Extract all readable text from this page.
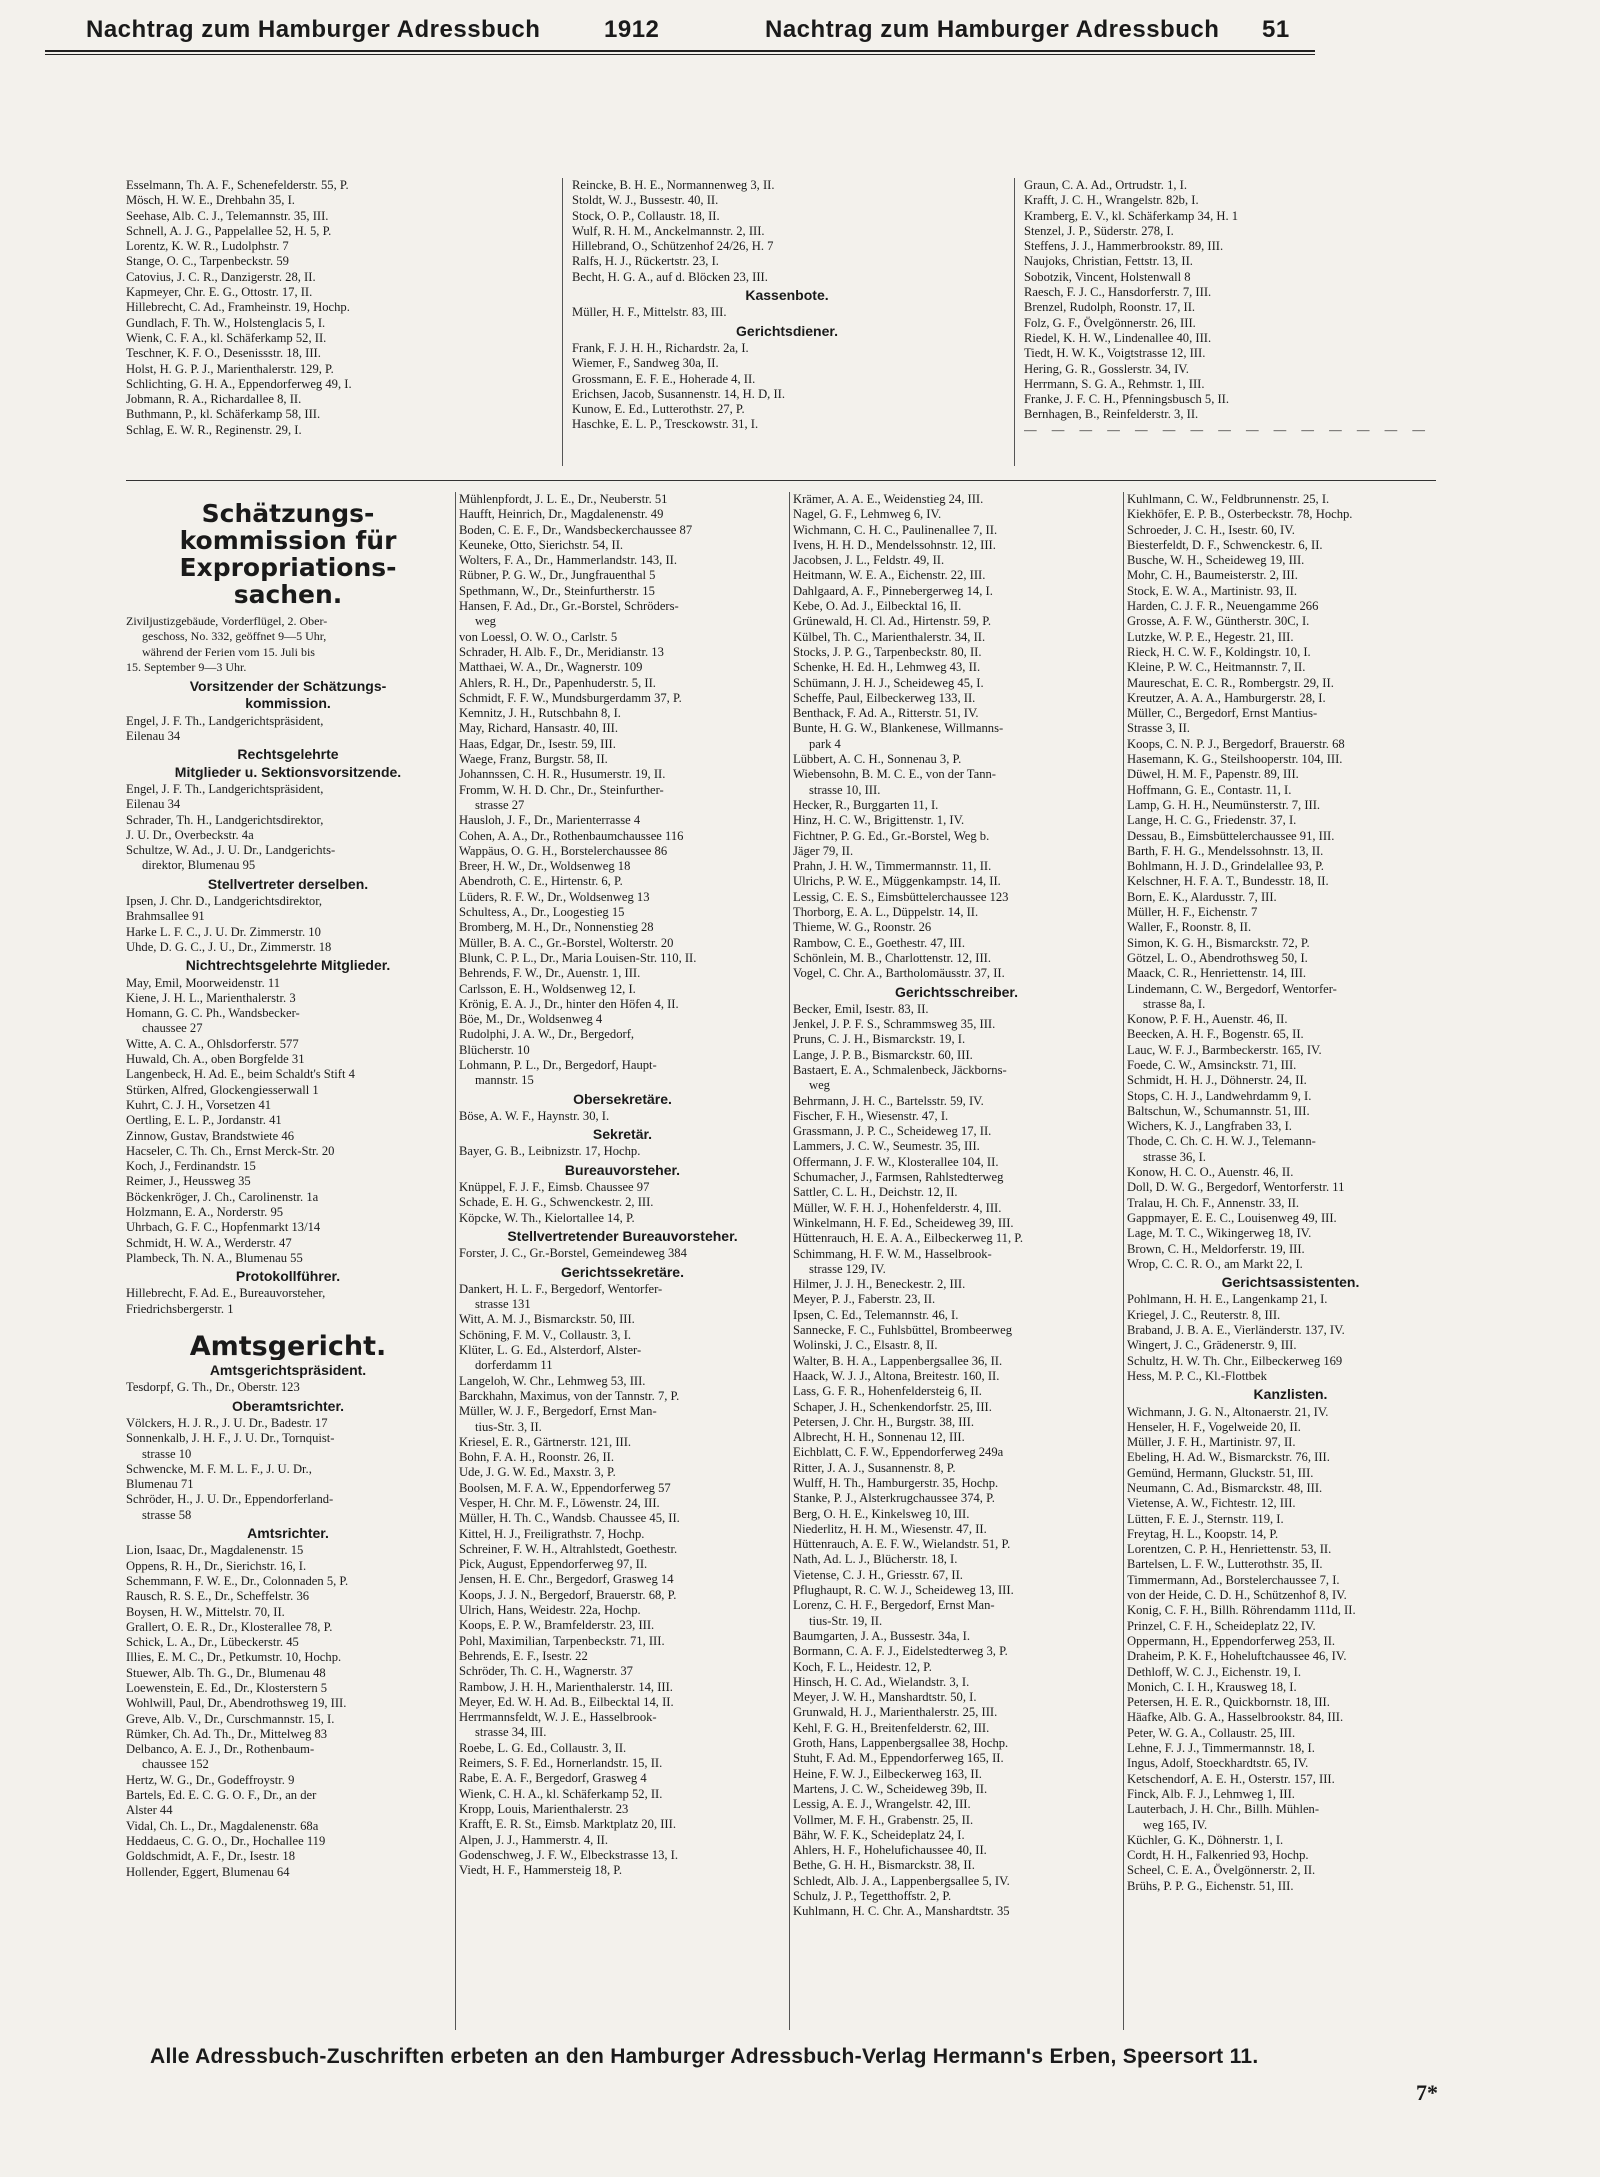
Nachtrag zum Hamburger Adressbuch	1912	Nachtrag zum Hamburger Adressbuch 51
Esselmann, Th. A. F., Schenefelderstr. 55, P.
Mösch, H. W. E., Drehbahn 35, I.
Seehase, Alb. C. J., Telemannstr. 35, III.
Schnell, A. J. G., Pappelallee 52, H. 5, P.
Lorentz, K. W. R., Ludolphstr. 7
Stange, O. C., Tarpenbeckstr. 59
Catovius, J. C. R., Danzigerstr. 28, II.
Kapmeyer, Chr. E. G., Ottostr. 17, II.
Hillebrecht, C. Ad., Framheinstr. 19, Hochp.
Gundlach, F. Th. W., Holstenglacis 5, I.
Wienk, C. F. A., kl. Schäferkamp 52, II.
Teschner, K. F. O., Desenissstr. 18, III.
Holst, H. G. P. J., Marienthalerstr. 129, P.
Schlichting, G. H. A., Eppendorferweg 49, I.
Jobmann, R. A., Richardallee 8, II.
Buthmann, P., kl. Schäferkamp 58, III.
Schlag, E. W. R., Reginenstr. 29, I.
Reincke, B. H. E., Normannenweg 3, II.
Stoldt, W. J., Bussestr. 40, II.
Stock, O. P., Collaustr. 18, II.
Wulf, R. H. M., Anckelmannstr. 2, III.
Hillebrand, O., Schützenhof 24/26, H. 7
Ralfs, H. J., Rückertstr. 23, I.
Becht, H. G. A., auf d. Blöcken 23, III.
Kassenbote.
Müller, H. F., Mittelstr. 83, III.
Gerichtsdiener.
Frank, F. J. H. H., Richardstr. 2a, I.
Wiemer, F., Sandweg 30a, II.
Grossmann, E. F. E., Hoherade 4, II.
Erichsen, Jacob, Susannenstr. 14, H. D, II.
Kunow, E. Ed., Lutterothstr. 27, P.
Haschke, E. L. P., Tresckowstr. 31, I.
Graun, C. A. Ad., Ortrudstr. 1, I.
Krafft, J. C. H., Wrangelstr. 82b, I.
Kramberg, E. V., kl. Schäferkamp 34, H. 1
Stenzel, J. P., Süderstr. 278, I.
Steffens, J. J., Hammerbrookstr. 89, III.
Naujoks, Christian, Fettstr. 13, II.
Sobotzik, Vincent, Holstenwall 8
Raesch, F. J. C., Hansdorferstr. 7, III.
Brenzel, Rudolph, Roonstr. 17, II.
Folz, G. F., Övelgönnerstr. 26, III.
Riedel, K. H. W., Lindenallee 40, III.
Tiedt, H. W. K., Voigtstrasse 12, III.
Hering, G. R., Gosslerstr. 34, IV.
Herrmann, S. G. A., Rehmstr. 1, III.
Franke, J. F. C. H., Pfenningsbusch 5, II.
Bernhagen, B., Reinfelderstr. 3, II.
— — — — — — — — — — — — — — —
Schätzungs-
kommission für
Expropriations-
sachen.
Ziviljustizgebäude, Vorderflügel, 2. Ober-
geschoss, No. 332, geöffnet 9—5 Uhr,
während der Ferien vom 15. Juli bis
15. September 9—3 Uhr.
Vorsitzender der Schätzungs-
kommission.
Engel, J. F. Th., Landgerichtspräsident,
Eilenau 34
Rechtsgelehrte
Mitglieder u. Sektionsvorsitzende.
Engel, J. F. Th., Landgerichtspräsident,
Eilenau 34
Schrader, Th. H., Landgerichtsdirektor,
J. U. Dr., Overbeckstr. 4a
Schultze, W. Ad., J. U. Dr., Landgerichts-
direktor, Blumenau 95
Stellvertreter derselben.
Ipsen, J. Chr. D., Landgerichtsdirektor,
Brahmsallee 91
Harke L. F. C., J. U. Dr. Zimmerstr. 10
Uhde, D. G. C., J. U., Dr., Zimmerstr. 18
Nichtrechtsgelehrte Mitglieder.
May, Emil, Moorweidenstr. 11
Kiene, J. H. L., Marienthalerstr. 3
Homann, G. C. Ph., Wandsbecker-
chaussee 27
Witte, A. C. A., Ohlsdorferstr. 577
Huwald, Ch. A., oben Borgfelde 31
Langenbeck, H. Ad. E., beim Schaldt's Stift 4
Stürken, Alfred, Glockengiesserwall 1
Kuhrt, C. J. H., Vorsetzen 41
Oertling, E. L. P., Jordanstr. 41
Zinnow, Gustav, Brandstwiete 46
Hacseler, C. Th. Ch., Ernst Merck-Str. 20
Koch, J., Ferdinandstr. 15
Reimer, J., Heussweg 35
Böckenkröger, J. Ch., Carolinenstr. 1a
Holzmann, E. A., Norderstr. 95
Uhrbach, G. F. C., Hopfenmarkt 13/14
Schmidt, H. W. A., Werderstr. 47
Plambeck, Th. N. A., Blumenau 55
Protokollführer.
Hillebrecht, F. Ad. E., Bureauvorsteher,
Friedrichsbergerstr. 1
Amtsgericht.
Amtsgerichtspräsident.
Tesdorpf, G. Th., Dr., Oberstr. 123
Oberamtsrichter.
Völckers, H. J. R., J. U. Dr., Badestr. 17
Sonnenkalb, J. H. F., J. U. Dr., Tornquist-
strasse 10
Schwencke, M. F. M. L. F., J. U. Dr.,
Blumenau 71
Schröder, H., J. U. Dr., Eppendorferland-
strasse 58
Amtsrichter.
Lion, Isaac, Dr., Magdalenenstr. 15
Oppens, R. H., Dr., Sierichstr. 16, I.
Schemmann, F. W. E., Dr., Colonnaden 5, P.
Rausch, R. S. E., Dr., Scheffelstr. 36
Boysen, H. W., Mittelstr. 70, II.
Grallert, O. E. R., Dr., Klosterallee 78, P.
Schick, L. A., Dr., Lübeckerstr. 45
Illies, E. M. C., Dr., Petkumstr. 10, Hochp.
Stuewer, Alb. Th. G., Dr., Blumenau 48
Loewenstein, E. Ed., Dr., Klosterstern 5
Wohlwill, Paul, Dr., Abendrothsweg 19, III.
Greve, Alb. V., Dr., Curschmannstr. 15, I.
Rümker, Ch. Ad. Th., Dr., Mittelweg 83
Delbanco, A. E. J., Dr., Rothenbaum-
chaussee 152
Hertz, W. G., Dr., Godeffroystr. 9
Bartels, Ed. E. C. G. O. F., Dr., an der
Alster 44
Vidal, Ch. L., Dr., Magdalenenstr. 68a
Heddaeus, C. G. O., Dr., Hochallee 119
Goldschmidt, A. F., Dr., Isestr. 18
Hollender, Eggert, Blumenau 64
Mühlenpfordt, J. L. E., Dr., Neuberstr. 51
Haufft, Heinrich, Dr., Magdalenenstr. 49
Boden, C. E. F., Dr., Wandsbeckerchaussee 87
Keuneke, Otto, Sierichstr. 54, II.
Wolters, F. A., Dr., Hammerlandstr. 143, II.
Rübner, P. G. W., Dr., Jungfrauenthal 5
Spethmann, W., Dr., Steinfurtherstr. 15
Hansen, F. Ad., Dr., Gr.-Borstel, Schröders-
weg
von Loessl, O. W. O., Carlstr. 5
Schrader, H. Alb. F., Dr., Meridianstr. 13
Matthaei, W. A., Dr., Wagnerstr. 109
Ahlers, R. H., Dr., Papenhuderstr. 5, II.
Schmidt, F. F. W., Mundsburgerdamm 37, P.
Kemnitz, J. H., Rutschbahn 8, I.
May, Richard, Hansastr. 40, III.
Haas, Edgar, Dr., Isestr. 59, III.
Waege, Franz, Burgstr. 58, II.
Johannssen, C. H. R., Husumerstr. 19, II.
Fromm, W. H. D. Chr., Dr., Steinfurther-
strasse 27
Hausloh, J. F., Dr., Marienterrasse 4
Cohen, A. A., Dr., Rothenbaumchaussee 116
Wappäus, O. G. H., Borstelerchaussee 86
Breer, H. W., Dr., Woldsenweg 18
Abendroth, C. E., Hirtenstr. 6, P.
Lüders, R. F. W., Dr., Woldsenweg 13
Schultess, A., Dr., Loogestieg 15
Bromberg, M. H., Dr., Nonnenstieg 28
Müller, B. A. C., Gr.-Borstel, Wolterstr. 20
Blunk, C. P. L., Dr., Maria Louisen-Str. 110, II.
Behrends, F. W., Dr., Auenstr. 1, III.
Carlsson, E. H., Woldsenweg 12, I.
Krönig, E. A. J., Dr., hinter den Höfen 4, II.
Böe, M., Dr., Woldsenweg 4
Rudolphi, J. A. W., Dr., Bergedorf,
Blücherstr. 10
Lohmann, P. L., Dr., Bergedorf, Haupt-
mannstr. 15
Obersekretäre.
Böse, A. W. F., Haynstr. 30, I.
Sekretär.
Bayer, G. B., Leibnizstr. 17, Hochp.
Bureauvorsteher.
Knüppel, F. J. F., Eimsb. Chaussee 97
Schade, E. H. G., Schwenckestr. 2, III.
Köpcke, W. Th., Kielortallee 14, P.
Stellvertretender Bureauvorsteher.
Forster, J. C., Gr.-Borstel, Gemeindeweg 384
Gerichtssekretäre.
Dankert, H. L. F., Bergedorf, Wentorfer-
strasse 131
Witt, A. M. J., Bismarckstr. 50, III.
Schöning, F. M. V., Collaustr. 3, I.
Klüter, L. G. Ed., Alsterdorf, Alster-
dorferdamm 11
Langeloh, W. Chr., Lehmweg 53, III.
Barckhahn, Maximus, von der Tannstr. 7, P.
Müller, W. J. F., Bergedorf, Ernst Man-
tius-Str. 3, II.
Kriesel, E. R., Gärtnerstr. 121, III.
Bohn, F. A. H., Roonstr. 26, II.
Ude, J. G. W. Ed., Maxstr. 3, P.
Boolsen, M. F. A. W., Eppendorferweg 57
Vesper, H. Chr. M. F., Löwenstr. 24, III.
Müller, H. Th. C., Wandsb. Chaussee 45, II.
Kittel, H. J., Freiligrathstr. 7, Hochp.
Schreiner, F. W. H., Altrahlstedt, Goethestr.
Pick, August, Eppendorferweg 97, II.
Jensen, H. E. Chr., Bergedorf, Grasweg 14
Koops, J. J. N., Bergedorf, Brauerstr. 68, P.
Ulrich, Hans, Weidestr. 22a, Hochp.
Koops, E. P. W., Bramfelderstr. 23, III.
Pohl, Maximilian, Tarpenbeckstr. 71, III.
Behrends, E. F., Isestr. 22
Schröder, Th. C. H., Wagnerstr. 37
Rambow, J. H. H., Marienthalerstr. 14, III.
Meyer, Ed. W. H. Ad. B., Eilbecktal 14, II.
Herrmannsfeldt, W. J. E., Hasselbrook-
strasse 34, III.
Roebe, L. G. Ed., Collaustr. 3, II.
Reimers, S. F. Ed., Hornerlandstr. 15, II.
Rabe, E. A. F., Bergedorf, Grasweg 4
Wienk, C. H. A., kl. Schäferkamp 52, II.
Kropp, Louis, Marienthalerstr. 23
Krafft, E. R. St., Eimsb. Marktplatz 20, III.
Alpen, J. J., Hammerstr. 4, II.
Godenschweg, J. F. W., Elbeckstrasse 13, I.
Viedt, H. F., Hammersteig 18, P.
Krämer, A. A. E., Weidenstieg 24, III.
Nagel, G. F., Lehmweg 6, IV.
Wichmann, C. H. C., Paulinenallee 7, II.
Ivens, H. H. D., Mendelssohnstr. 12, III.
Jacobsen, J. L., Feldstr. 49, II.
Heitmann, W. E. A., Eichenstr. 22, III.
Dahlgaard, A. F., Pinnebergerweg 14, I.
Kebe, O. Ad. J., Eilbecktal 16, II.
Grünewald, H. Cl. Ad., Hirtenstr. 59, P.
Külbel, Th. C., Marienthalerstr. 34, II.
Stocks, J. P. G., Tarpenbeckstr. 80, II.
Schenke, H. Ed. H., Lehmweg 43, II.
Schümann, J. H. J., Scheideweg 45, I.
Scheffe, Paul, Eilbeckerweg 133, II.
Benthack, F. Ad. A., Ritterstr. 51, IV.
Bunte, H. G. W., Blankenese, Willmanns-
park 4
Lübbert, A. C. H., Sonnenau 3, P.
Wiebensohn, B. M. C. E., von der Tann-
strasse 10, III.
Hecker, R., Burggarten 11, I.
Hinz, H. C. W., Brigittenstr. 1, IV.
Fichtner, P. G. Ed., Gr.-Borstel, Weg b.
Jäger 79, II.
Prahn, J. H. W., Timmermannstr. 11, II.
Ulrichs, P. W. E., Müggenkampstr. 14, II.
Lessig, C. E. S., Eimsbüttelerchaussee 123
Thorborg, E. A. L., Düppelstr. 14, II.
Thieme, W. G., Roonstr. 26
Rambow, C. E., Goethestr. 47, III.
Schönlein, M. B., Charlottenstr. 12, III.
Vogel, C. Chr. A., Bartholomäusstr. 37, II.
Gerichtsschreiber.
Becker, Emil, Isestr. 83, II.
Jenkel, J. P. F. S., Schrammsweg 35, III.
Pruns, C. J. H., Bismarckstr. 19, I.
Lange, J. P. B., Bismarckstr. 60, III.
Bastaert, E. A., Schmalenbeck, Jäckborns-
weg
Behrmann, J. H. C., Bartelsstr. 59, IV.
Fischer, F. H., Wiesenstr. 47, I.
Grassmann, J. P. C., Scheideweg 17, II.
Lammers, J. C. W., Seumestr. 35, III.
Offermann, J. F. W., Klosterallee 104, II.
Schumacher, J., Farmsen, Rahlstedterweg
Sattler, C. L. H., Deichstr. 12, II.
Müller, W. F. H. J., Hohenfelderstr. 4, III.
Winkelmann, H. F. Ed., Scheideweg 39, III.
Hüttenrauch, H. E. A. A., Eilbeckerweg 11, P.
Schimmang, H. F. W. M., Hasselbrook-
strasse 129, IV.
Hilmer, J. J. H., Beneckestr. 2, III.
Meyer, P. J., Faberstr. 23, II.
Ipsen, C. Ed., Telemannstr. 46, I.
Sannecke, F. C., Fuhlsbüttel, Brombeerweg
Wolinski, J. C., Elsastr. 8, II.
Walter, B. H. A., Lappenbergsallee 36, II.
Haack, W. J. J., Altona, Breitestr. 160, II.
Lass, G. F. R., Hohenfeldersteig 6, II.
Schaper, J. H., Schenkendorfstr. 25, III.
Petersen, J. Chr. H., Burgstr. 38, III.
Albrecht, H. H., Sonnenau 12, III.
Eichblatt, C. F. W., Eppendorferweg 249a
Ritter, J. A. J., Susannenstr. 8, P.
Wulff, H. Th., Hamburgerstr. 35, Hochp.
Stanke, P. J., Alsterkrugchaussee 374, P.
Berg, O. H. E., Kinkelsweg 10, III.
Niederlitz, H. H. M., Wiesenstr. 47, II.
Hüttenrauch, A. E. F. W., Wielandstr. 51, P.
Nath, Ad. L. J., Blücherstr. 18, I.
Vietense, C. J. H., Griesstr. 67, II.
Pflughaupt, R. C. W. J., Scheideweg 13, III.
Lorenz, C. H. F., Bergedorf, Ernst Man-
tius-Str. 19, II.
Baumgarten, J. A., Bussestr. 34a, I.
Bormann, C. A. F. J., Eidelstedterweg 3, P.
Koch, F. L., Heidestr. 12, P.
Hinsch, H. C. Ad., Wielandstr. 3, I.
Meyer, J. W. H., Manshardtstr. 50, I.
Grunwald, H. J., Marienthalerstr. 25, III.
Kehl, F. G. H., Breitenfelderstr. 62, III.
Groth, Hans, Lappenbergsallee 38, Hochp.
Stuht, F. Ad. M., Eppendorferweg 165, II.
Heine, F. W. J., Eilbeckerweg 163, II.
Martens, J. C. W., Scheideweg 39b, II.
Lessig, A. E. J., Wrangelstr. 42, III.
Vollmer, M. F. H., Grabenstr. 25, II.
Bähr, W. F. K., Scheideplatz 24, I.
Ahlers, H. F., Hohelufichaussee 40, II.
Bethe, G. H. H., Bismarckstr. 38, II.
Schledt, Alb. J. A., Lappenbergsallee 5, IV.
Schulz, J. P., Tegetthoffstr. 2, P.
Kuhlmann, H. C. Chr. A., Manshardtstr. 35
Kuhlmann, C. W., Feldbrunnenstr. 25, I.
Kiekhöfer, E. P. B., Osterbeckstr. 78, Hochp.
Schroeder, J. C. H., Isestr. 60, IV.
Biesterfeldt, D. F., Schwenckestr. 6, II.
Busche, W. H., Scheideweg 19, III.
Mohr, C. H., Baumeisterstr. 2, III.
Stock, E. W. A., Martinistr. 93, II.
Harden, C. J. F. R., Neuengamme 266
Grosse, A. F. W., Güntherstr. 30C, I.
Lutzke, W. P. E., Hegestr. 21, III.
Rieck, H. C. W. F., Koldingstr. 10, I.
Kleine, P. W. C., Heitmannstr. 7, II.
Maureschat, E. C. R., Rombergstr. 29, II.
Kreutzer, A. A. A., Hamburgerstr. 28, I.
Müller, C., Bergedorf, Ernst Mantius-
Strasse 3, II.
Koops, C. N. P. J., Bergedorf, Brauerstr. 68
Hasemann, K. G., Steilshooperstr. 104, III.
Düwel, H. M. F., Papenstr. 89, III.
Hoffmann, G. E., Contastr. 11, I.
Lamp, G. H. H., Neumünsterstr. 7, III.
Lange, H. C. G., Friedenstr. 37, I.
Dessau, B., Eimsbüttelerchaussee 91, III.
Barth, F. H. G., Mendelssohnstr. 13, II.
Bohlmann, H. J. D., Grindelallee 93, P.
Kelschner, H. F. A. T., Bundesstr. 18, II.
Born, E. K., Alardusstr. 7, III.
Müller, H. F., Eichenstr. 7
Waller, F., Roonstr. 8, II.
Simon, K. G. H., Bismarckstr. 72, P.
Götzel, L. O., Abendrothsweg 50, I.
Maack, C. R., Henriettenstr. 14, III.
Lindemann, C. W., Bergedorf, Wentorfer-
strasse 8a, I.
Konow, P. F. H., Auenstr. 46, II.
Beecken, A. H. F., Bogenstr. 65, II.
Lauc, W. F. J., Barmbeckerstr. 165, IV.
Foede, C. W., Amsinckstr. 71, III.
Schmidt, H. H. J., Döhnerstr. 24, II.
Stops, C. H. J., Landwehrdamm 9, I.
Baltschun, W., Schumannstr. 51, III.
Wichers, K. J., Langfraben 33, I.
Thode, C. Ch. C. H. W. J., Telemann-
strasse 36, I.
Konow, H. C. O., Auenstr. 46, II.
Doll, D. W. G., Bergedorf, Wentorferstr. 11
Tralau, H. Ch. F., Annenstr. 33, II.
Gappmayer, E. E. C., Louisenweg 49, III.
Lage, M. T. C., Wikingerweg 18, IV.
Brown, C. H., Meldorferstr. 19, III.
Wrop, C. C. R. O., am Markt 22, I.
Gerichtsassistenten.
Pohlmann, H. H. E., Langenkamp 21, I.
Kriegel, J. C., Reuterstr. 8, III.
Braband, J. B. A. E., Vierländerstr. 137, IV.
Wingert, J. C., Grädenerstr. 9, III.
Schultz, H. W. Th. Chr., Eilbeckerweg 169
Hess, M. P. C., Kl.-Flottbek
Kanzlisten.
Wichmann, J. G. N., Altonaerstr. 21, IV.
Henseler, H. F., Vogelweide 20, II.
Müller, J. F. H., Martinistr. 97, II.
Ebeling, H. Ad. W., Bismarckstr. 76, III.
Gemünd, Hermann, Gluckstr. 51, III.
Neumann, C. Ad., Bismarckstr. 48, III.
Vietense, A. W., Fichtestr. 12, III.
Lütten, F. E. J., Sternstr. 119, I.
Freytag, H. L., Koopstr. 14, P.
Lorentzen, C. P. H., Henriettenstr. 53, II.
Bartelsen, L. F. W., Lutterothstr. 35, II.
Timmermann, Ad., Borstelerchaussee 7, I.
von der Heide, C. D. H., Schützenhof 8, IV.
Konig, C. F. H., Billh. Röhrendamm 111d, II.
Prinzel, C. F. H., Scheideplatz 22, IV.
Oppermann, H., Eppendorferweg 253, II.
Draheim, P. K. F., Hoheluftchaussee 46, IV.
Dethloff, W. C. J., Eichenstr. 19, I.
Monich, C. I. H., Krausweg 18, I.
Petersen, H. E. R., Quickbornstr. 18, III.
Häafke, Alb. G. A., Hasselbrookstr. 84, III.
Peter, W. G. A., Collaustr. 25, III.
Lehne, F. J. J., Timmermannstr. 18, I.
Ingus, Adolf, Stoeckhardtstr. 65, IV.
Ketschendorf, A. E. H., Osterstr. 157, III.
Finck, Alb. F. J., Lehmweg 1, III.
Lauterbach, J. H. Chr., Billh. Mühlen-
weg 165, IV.
Küchler, G. K., Döhnerstr. 1, I.
Cordt, H. H., Falkenried 93, Hochp.
Scheel, C. E. A., Övelgönnerstr. 2, II.
Brühs, P. P. G., Eichenstr. 51, III.
Alle Adressbuch-Zuschriften erbeten an den Hamburger Adressbuch-Verlag Hermann's Erben, Speersort 11.
7*
